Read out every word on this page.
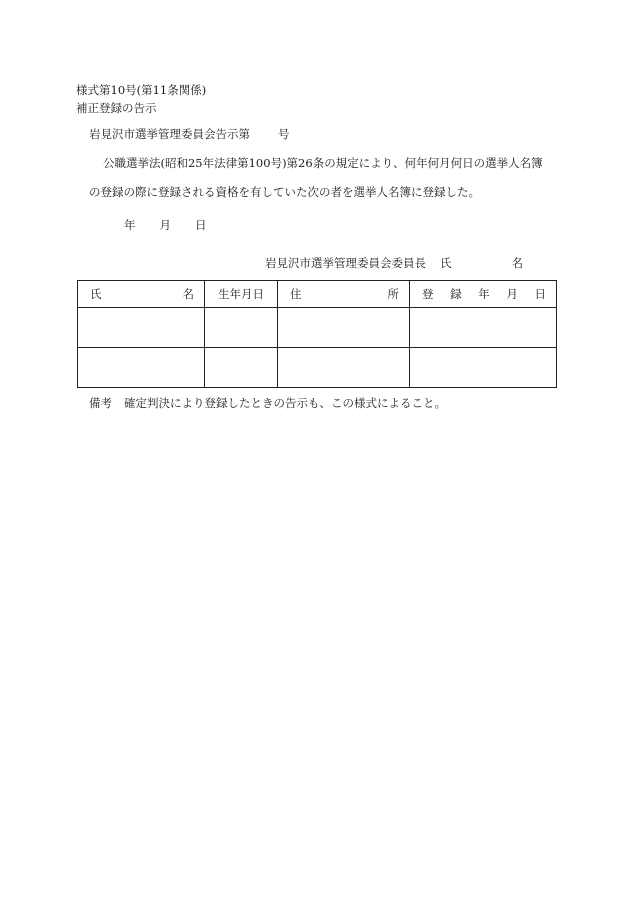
様式第10号(第11条関係)
補正登録の告示
岩見沢市選挙管理委員会告示第 号
公職選挙法(昭和25年法律第100号)第26条の規定により、何年何月何日の選挙人名簿
の登録の際に登録される資格を有していた次の者を選挙人名簿に登録した。
年 月 日
岩見沢市選挙管理委員会委員長 氏	名
氏 名	生年月日	住 所	登 録 年 月 日

備考 確定判決により登録したときの告示も、この様式によること。
